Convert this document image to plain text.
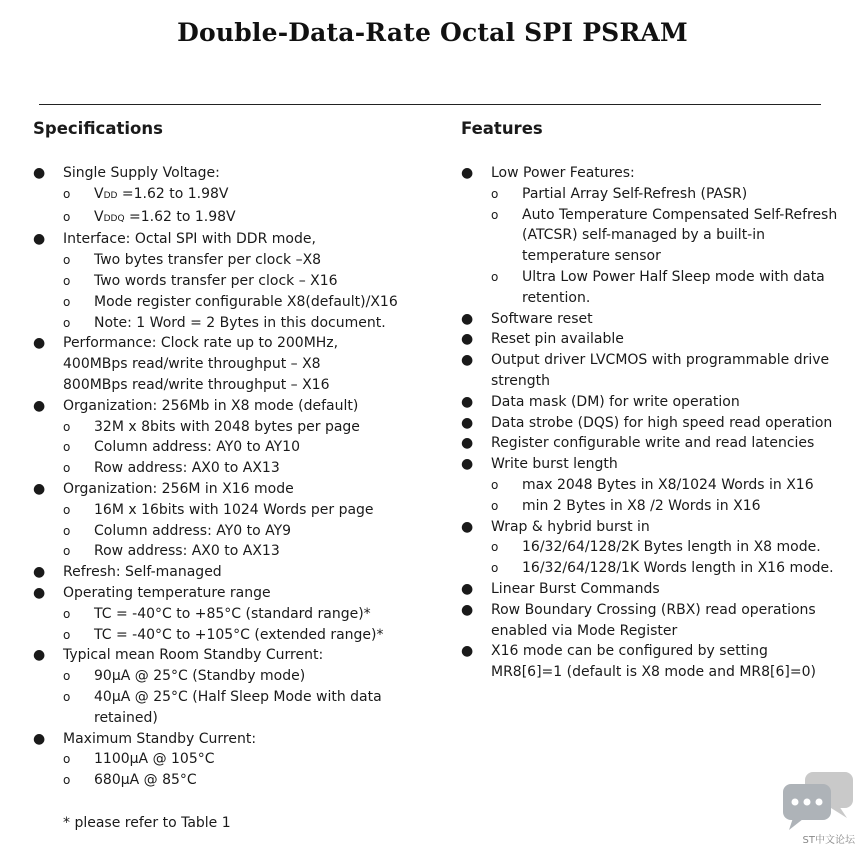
Double-Data-Rate Octal SPI PSRAM
Specifications
● Single Supply Voltage:
o VDD =1.62 to 1.98V
o VDDQ =1.62 to 1.98V
● Interface: Octal SPI with DDR mode,
o Two bytes transfer per clock –X8
o Two words transfer per clock – X16
o Mode register configurable X8(default)/X16
o Note: 1 Word = 2 Bytes in this document.
● Performance: Clock rate up to 200MHz,
400MBps read/write throughput – X8
800MBps read/write throughput – X16
● Organization: 256Mb in X8 mode (default)
o 32M x 8bits with 2048 bytes per page
o Column address: AY0 to AY10
o Row address: AX0 to AX13
● Organization: 256M in X16 mode
o 16M x 16bits with 1024 Words per page
o Column address: AY0 to AY9
o Row address: AX0 to AX13
● Refresh: Self-managed
● Operating temperature range
o TC = -40°C to +85°C (standard range)*
o TC = -40°C to +105°C (extended range)*
● Typical mean Room Standby Current:
o 90µA @ 25°C (Standby mode)
o 40µA @ 25°C (Half Sleep Mode with data retained)
● Maximum Standby Current:
o 1100µA @ 105°C
o 680µA @ 85°C
* please refer to Table 1
Features
● Low Power Features:
o Partial Array Self-Refresh (PASR)
o Auto Temperature Compensated Self-Refresh (ATCSR) self-managed by a built-in temperature sensor
o Ultra Low Power Half Sleep mode with data retention.
● Software reset
● Reset pin available
● Output driver LVCMOS with programmable drive strength
● Data mask (DM) for write operation
● Data strobe (DQS) for high speed read operation
● Register configurable write and read latencies
● Write burst length
o max 2048 Bytes in X8/1024 Words in X16
o min 2 Bytes in X8 /2 Words in X16
● Wrap & hybrid burst in
o 16/32/64/128/2K Bytes length in X8 mode.
o 16/32/64/128/1K Words length in X16 mode.
● Linear Burst Commands
● Row Boundary Crossing (RBX) read operations enabled via Mode Register
● X16 mode can be configured by setting MR8[6]=1 (default is X8 mode and MR8[6]=0)
ST中文论坛
